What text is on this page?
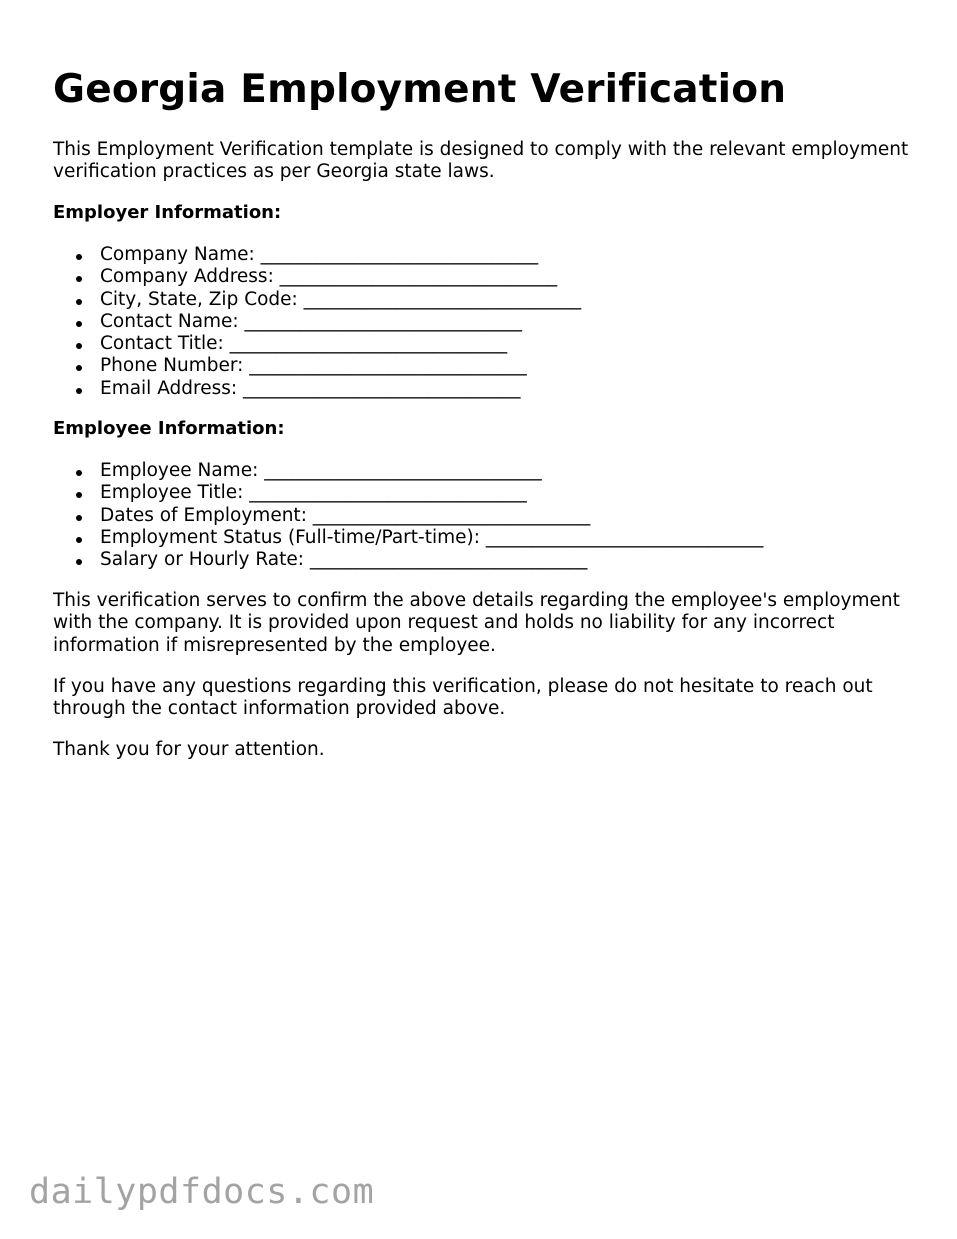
Georgia Employment Verification

This Employment Verification template is designed to comply with the relevant employment verification practices as per Georgia state laws.

Employer Information:
Company Name: ______________________________
Company Address: ______________________________
City, State, Zip Code: ______________________________
Contact Name: ______________________________
Contact Title: ______________________________
Phone Number: ______________________________
Email Address: ______________________________
Employee Information:
Employee Name: ______________________________
Employee Title: ______________________________
Dates of Employment: ______________________________
Employment Status (Full-time/Part-time): ______________________________
Salary or Hourly Rate: ______________________________

This verification serves to confirm the above details regarding the employee's employment with the company. It is provided upon request and holds no liability for any incorrect information if misrepresented by the employee.

If you have any questions regarding this verification, please do not hesitate to reach out through the contact information provided above.

Thank you for your attention.

dailypdfdocs.com
